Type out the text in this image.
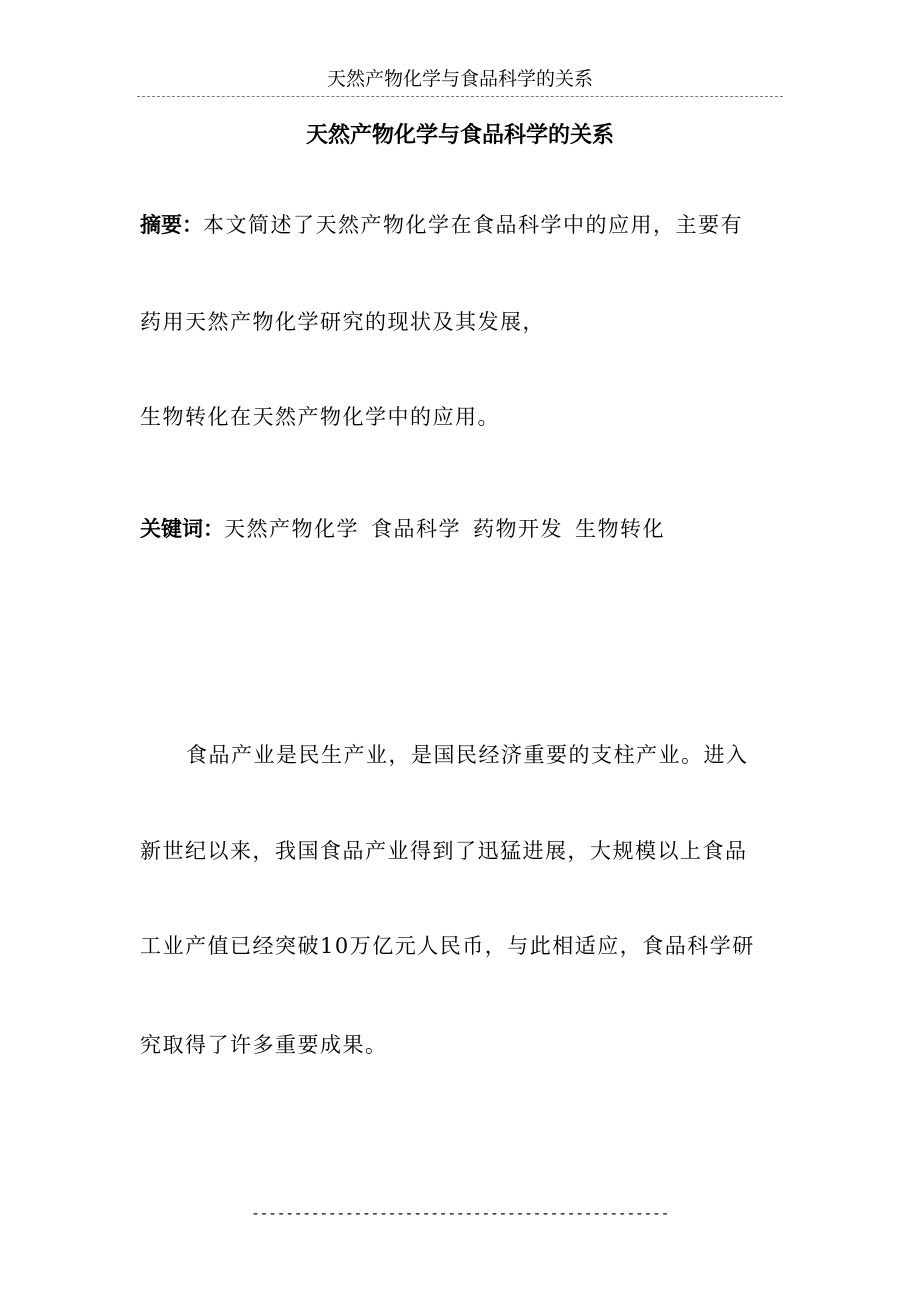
天然产物化学与食品科学的关系
天然产物化学与食品科学的关系
摘要：本文简述了天然产物化学在食品科学中的应用，主要有
药用天然产物化学研究的现状及其发展，
生物转化在天然产物化学中的应用。
关键词：天然产物化学 食品科学 药物开发 生物转化
食品产业是民生产业，是国民经济重要的支柱产业。进入
新世纪以来，我国食品产业得到了迅猛进展，大规模以上食品
工业产值已经突破10万亿元人民币，与此相适应，食品科学研
究取得了许多重要成果。
-------------------------------------------------
